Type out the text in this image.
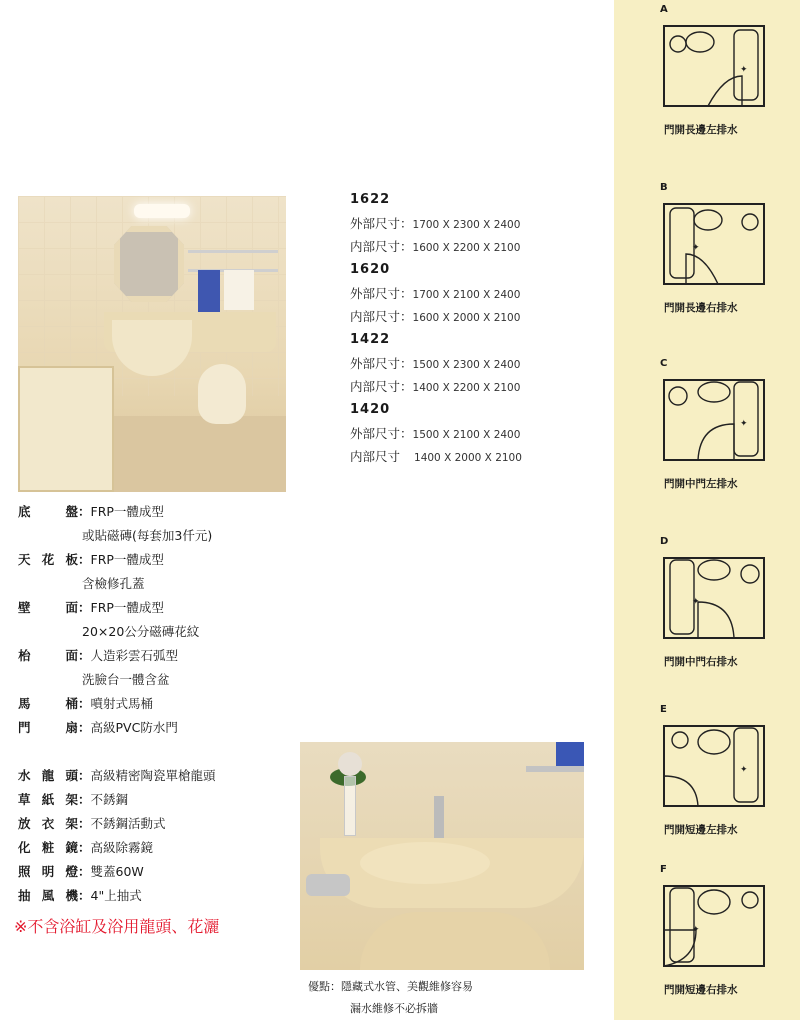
1622
外部尺寸：1700 X 2300 X 2400
内部尺寸：1600 X 2200 X 2100
1620
外部尺寸：1700 X 2100 X 2400
内部尺寸：1600 X 2000 X 2100
1422
外部尺寸：1500 X 2300 X 2400
内部尺寸：1400 X 2200 X 2100
1420
外部尺寸：1500 X 2100 X 2400
内部尺寸 1400 X 2000 X 2100
底	盤 ： FRP一體成型
或貼磁磚(每套加3仟元)
天 花 板 ： FRP一體成型
含檢修孔蓋
壁	面 ： FRP一體成型
20×20公分磁磚花紋
枱	面 ： 人造彩雲石弧型
洗臉台一體含盆
馬	桶 ： 噴射式馬桶
門	扇 ： 高級PVC防水門
水 龍 頭 ： 高級精密陶瓷單槍龍頭
草 紙 架 ： 不銹鋼
放 衣 架 ： 不銹鋼活動式
化 粧 鏡 ： 高級除霧鏡
照 明 燈 ： 雙蓋60W
抽 風 機 ： 4"上抽式
※不含浴缸及浴用龍頭、花灑
優點：隱藏式水管、美觀維修容易
漏水維修不必拆牆
A
✦
門開長邊左排水
B
✦
門開長邊右排水
C
✦
門開中門左排水
D
✦
門開中門右排水
E
✦
門開短邊左排水
F
✦
門開短邊右排水
